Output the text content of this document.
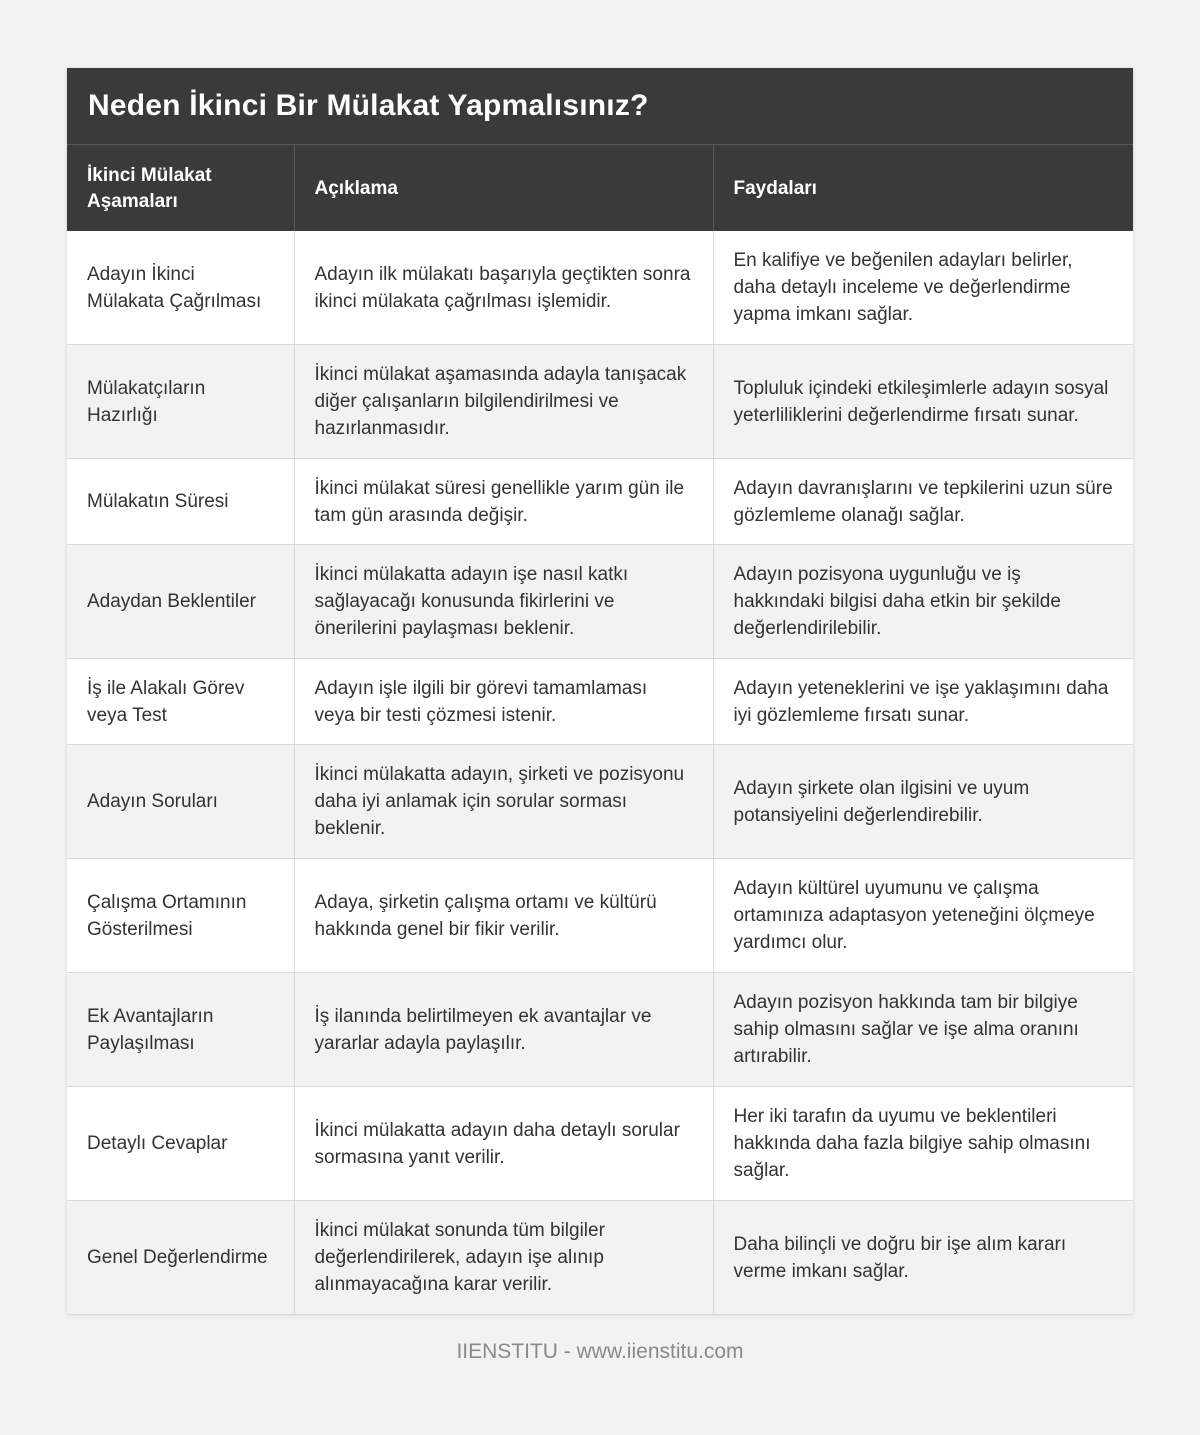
Neden İkinci Bir Mülakat Yapmalısınız?
İkinci Mülakat Aşamaları	Açıklama	Faydaları
Adayın İkinci Mülakata Çağrılması	Adayın ilk mülakatı başarıyla geçtikten sonra ikinci mülakata çağrılması işlemidir.	En kalifiye ve beğenilen adayları belirler, daha detaylı inceleme ve değerlendirme yapma imkanı sağlar.
Mülakatçıların Hazırlığı	İkinci mülakat aşamasında adayla tanışacak diğer çalışanların bilgilendirilmesi ve hazırlanmasıdır.	Topluluk içindeki etkileşimlerle adayın sosyal yeterliliklerini değerlendirme fırsatı sunar.
Mülakatın Süresi	İkinci mülakat süresi genellikle yarım gün ile tam gün arasında değişir.	Adayın davranışlarını ve tepkilerini uzun süre gözlemleme olanağı sağlar.
Adaydan Beklentiler	İkinci mülakatta adayın işe nasıl katkı sağlayacağı konusunda fikirlerini ve önerilerini paylaşması beklenir.	Adayın pozisyona uygunluğu ve iş hakkındaki bilgisi daha etkin bir şekilde değerlendirilebilir.
İş ile Alakalı Görev veya Test	Adayın işle ilgili bir görevi tamamlaması veya bir testi çözmesi istenir.	Adayın yeteneklerini ve işe yaklaşımını daha iyi gözlemleme fırsatı sunar.
Adayın Soruları	İkinci mülakatta adayın, şirketi ve pozisyonu daha iyi anlamak için sorular sorması beklenir.	Adayın şirkete olan ilgisini ve uyum potansiyelini değerlendirebilir.
Çalışma Ortamının Gösterilmesi	Adaya, şirketin çalışma ortamı ve kültürü hakkında genel bir fikir verilir.	Adayın kültürel uyumunu ve çalışma ortamınıza adaptasyon yeteneğini ölçmeye yardımcı olur.
Ek Avantajların Paylaşılması	İş ilanında belirtilmeyen ek avantajlar ve yararlar adayla paylaşılır.	Adayın pozisyon hakkında tam bir bilgiye sahip olmasını sağlar ve işe alma oranını artırabilir.
Detaylı Cevaplar	İkinci mülakatta adayın daha detaylı sorular sormasına yanıt verilir.	Her iki tarafın da uyumu ve beklentileri hakkında daha fazla bilgiye sahip olmasını sağlar.
Genel Değerlendirme	İkinci mülakat sonunda tüm bilgiler değerlendirilerek, adayın işe alınıp alınmayacağına karar verilir.	Daha bilinçli ve doğru bir işe alım kararı verme imkanı sağlar.
IIENSTITU - www.iienstitu.com
